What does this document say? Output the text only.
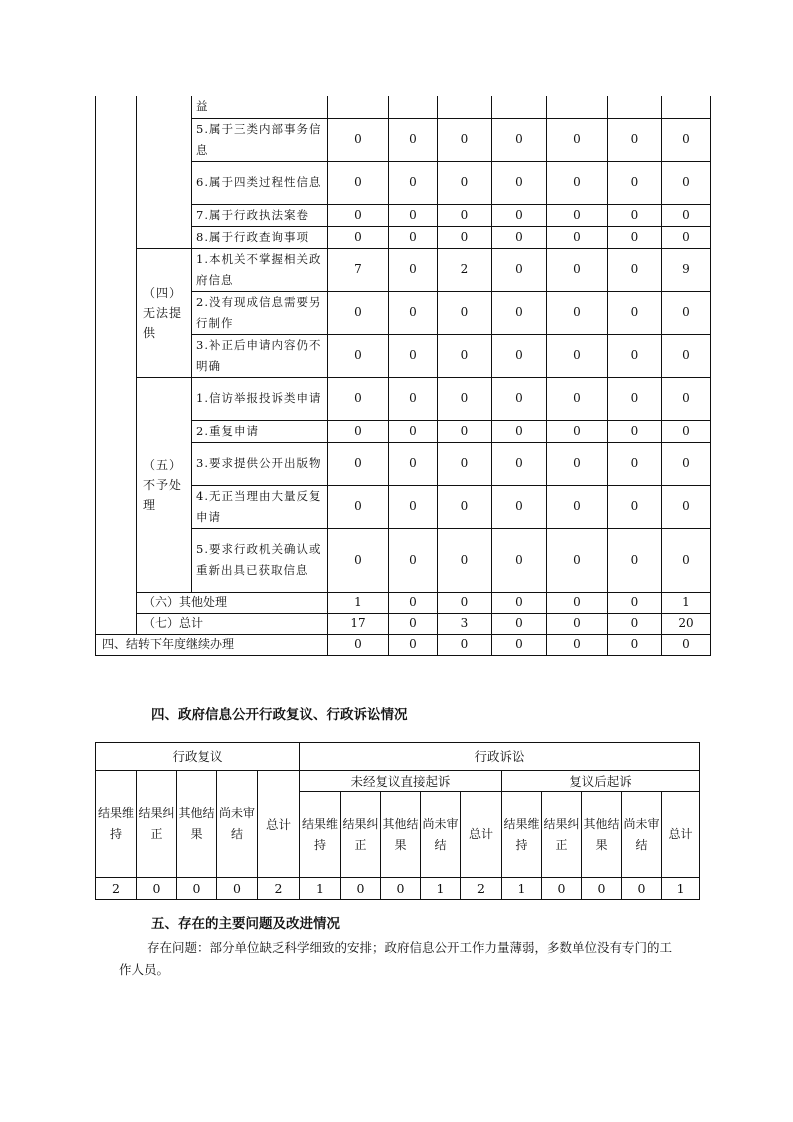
		益							
		5.属于三类内部事务信息	0	0	0	0	0	0	0
		6.属于四类过程性信息	0	0	0	0	0	0	0
		7.属于行政执法案卷	0	0	0	0	0	0	0
		8.属于行政查询事项	0	0	0	0	0	0	0
	（四）无法提供	1.本机关不掌握相关政府信息	7	0	2	0	0	0	9
		2.没有现成信息需要另行制作	0	0	0	0	0	0	0
		3.补正后申请内容仍不明确	0	0	0	0	0	0	0
	（五）不予处理	1.信访举报投诉类申请	0	0	0	0	0	0	0
		2.重复申请	0	0	0	0	0	0	0
		3.要求提供公开出版物	0	0	0	0	0	0	0
		4.无正当理由大量反复申请	0	0	0	0	0	0	0
		5.要求行政机关确认或重新出具已获取信息	0	0	0	0	0	0	0
	（六）其他处理		1	0	0	0	0	0	1
	（七）总计		17	0	3	0	0	0	20
四、结转下年度继续办理			0	0	0	0	0	0	0
四、政府信息公开行政复议、行政诉讼情况
行政复议					行政诉讼									
结果维持	结果纠正	其他结果	尚未审结	总计	未经复议直接起诉					复议后起诉				
					结果维持	结果纠正	其他结果	尚未审结	总计	结果维持	结果纠正	其他结果	尚未审结	总计
2	0	0	0	2	1	0	0	1	2	1	0	0	0	1
五、存在的主要问题及改进情况

存在问题：部分单位缺乏科学细致的安排；政府信息公开工作力量薄弱，多数单位没有专门的工作人员。
